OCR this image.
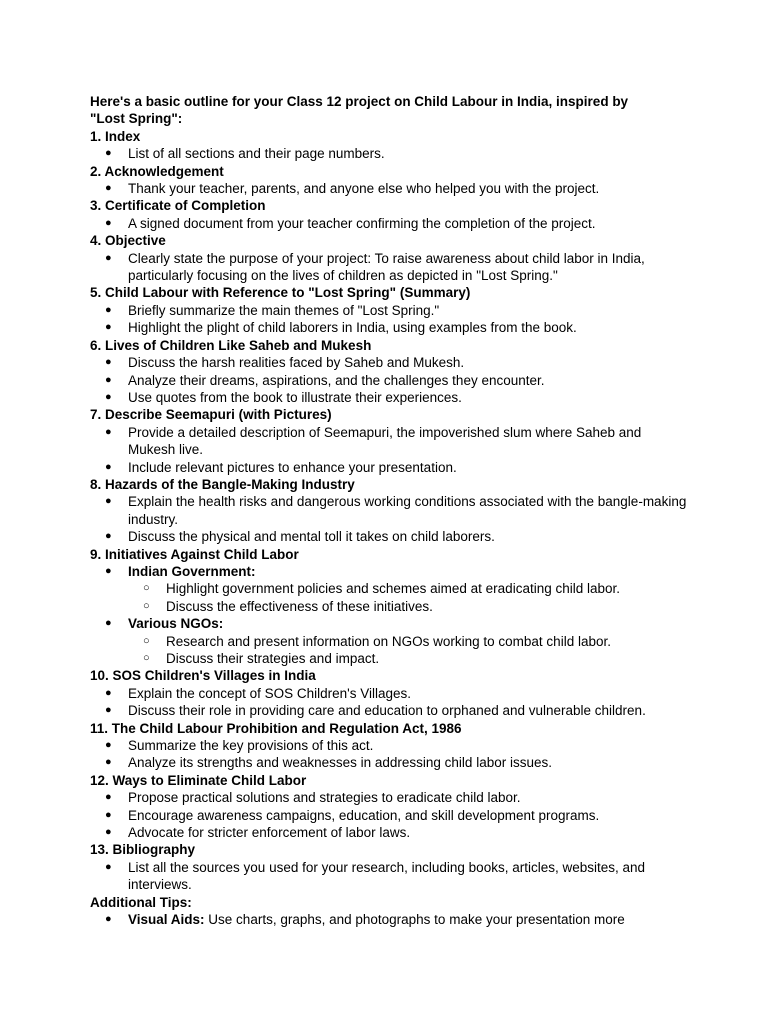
Here's a basic outline for your Class 12 project on Child Labour in India, inspired by "Lost Spring":
1. Index
● List of all sections and their page numbers.
2. Acknowledgement
● Thank your teacher, parents, and anyone else who helped you with the project.
3. Certificate of Completion
● A signed document from your teacher confirming the completion of the project.
4. Objective
● Clearly state the purpose of your project: To raise awareness about child labor in India, particularly focusing on the lives of children as depicted in "Lost Spring."
5. Child Labour with Reference to "Lost Spring" (Summary)
● Briefly summarize the main themes of "Lost Spring."
● Highlight the plight of child laborers in India, using examples from the book.
6. Lives of Children Like Saheb and Mukesh
● Discuss the harsh realities faced by Saheb and Mukesh.
● Analyze their dreams, aspirations, and the challenges they encounter.
● Use quotes from the book to illustrate their experiences.
7. Describe Seemapuri (with Pictures)
● Provide a detailed description of Seemapuri, the impoverished slum where Saheb and Mukesh live.
● Include relevant pictures to enhance your presentation.
8. Hazards of the Bangle-Making Industry
● Explain the health risks and dangerous working conditions associated with the bangle-making industry.
● Discuss the physical and mental toll it takes on child laborers.
9. Initiatives Against Child Labor
● Indian Government:
○ Highlight government policies and schemes aimed at eradicating child labor.
○ Discuss the effectiveness of these initiatives.
● Various NGOs:
○ Research and present information on NGOs working to combat child labor.
○ Discuss their strategies and impact.
10. SOS Children's Villages in India
● Explain the concept of SOS Children's Villages.
● Discuss their role in providing care and education to orphaned and vulnerable children.
11. The Child Labour Prohibition and Regulation Act, 1986
● Summarize the key provisions of this act.
● Analyze its strengths and weaknesses in addressing child labor issues.
12. Ways to Eliminate Child Labor
● Propose practical solutions and strategies to eradicate child labor.
● Encourage awareness campaigns, education, and skill development programs.
● Advocate for stricter enforcement of labor laws.
13. Bibliography
● List all the sources you used for your research, including books, articles, websites, and interviews.
Additional Tips:
● Visual Aids: Use charts, graphs, and photographs to make your presentation more
